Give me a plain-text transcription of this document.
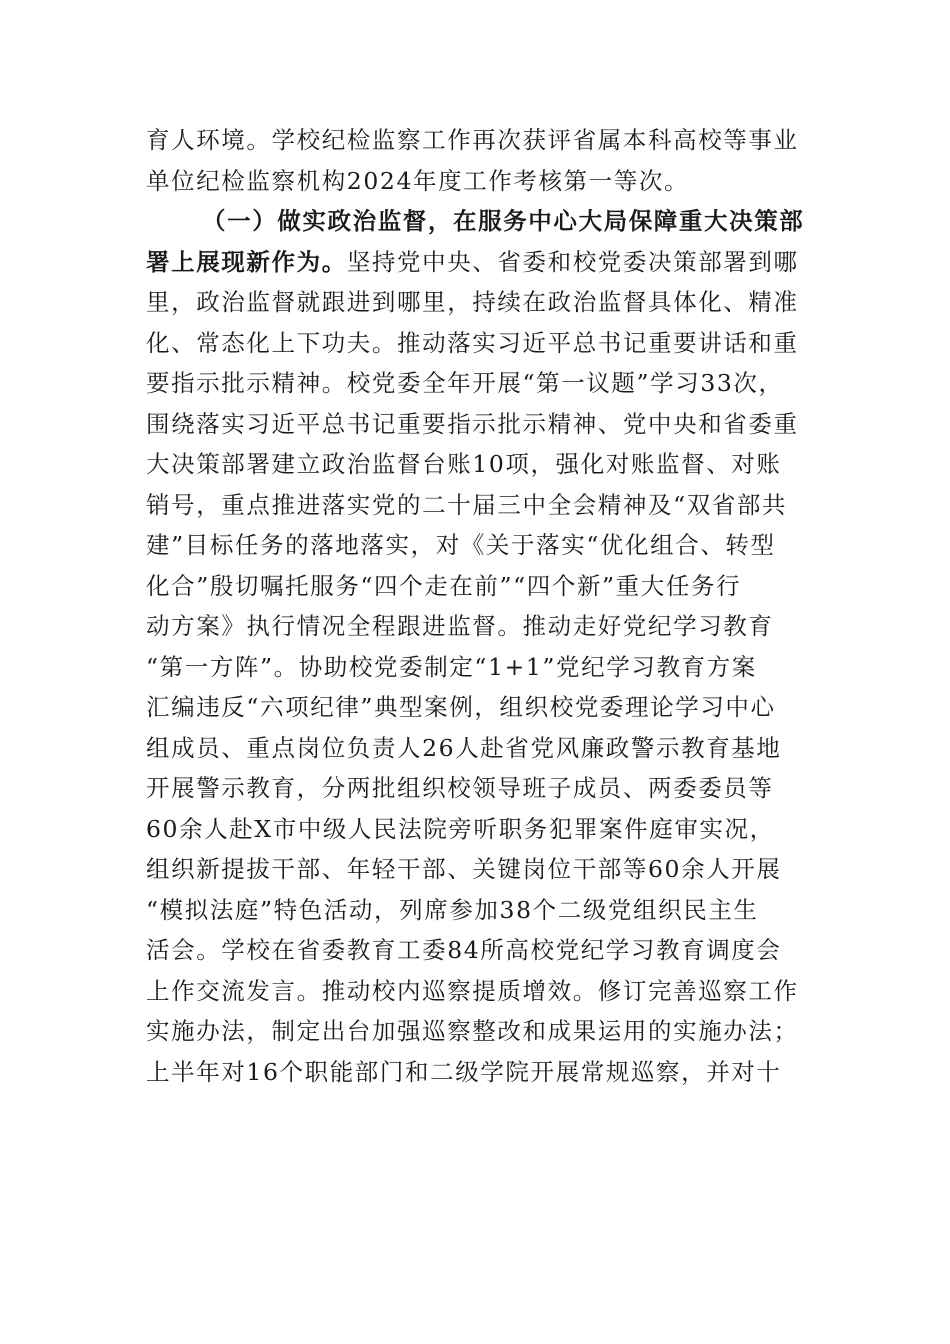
育人环境。学校纪检监察工作再次获评省属本科高校等事业
单位纪检监察机构2024年度工作考核第一等次。
（一）做实政治监督，在服务中心大局保障重大决策部
署上展现新作为。坚持党中央、省委和校党委决策部署到哪
里，政治监督就跟进到哪里，持续在政治监督具体化、精准
化、常态化上下功夫。推动落实习近平总书记重要讲话和重
要指示批示精神。校党委全年开展“第一议题”学习33次，
围绕落实习近平总书记重要指示批示精神、党中央和省委重
大决策部署建立政治监督台账10项，强化对账监督、对账
销号，重点推进落实党的二十届三中全会精神及“双省部共
建”目标任务的落地落实，对《关于落实“优化组合、转型
化合”殷切嘱托服务“四个走在前”“四个新”重大任务行
动方案》执行情况全程跟进监督。推动走好党纪学习教育
“第一方阵”。协助校党委制定“1+1”党纪学习教育方案
汇编违反“六项纪律”典型案例，组织校党委理论学习中心
组成员、重点岗位负责人26人赴省党风廉政警示教育基地
开展警示教育，分两批组织校领导班子成员、两委委员等
60余人赴X市中级人民法院旁听职务犯罪案件庭审实况，
组织新提拔干部、年轻干部、关键岗位干部等60余人开展
“模拟法庭”特色活动，列席参加38个二级党组织民主生
活会。学校在省委教育工委84所高校党纪学习教育调度会
上作交流发言。推动校内巡察提质增效。修订完善巡察工作
实施办法，制定出台加强巡察整改和成果运用的实施办法；
上半年对16个职能部门和二级学院开展常规巡察，并对十
